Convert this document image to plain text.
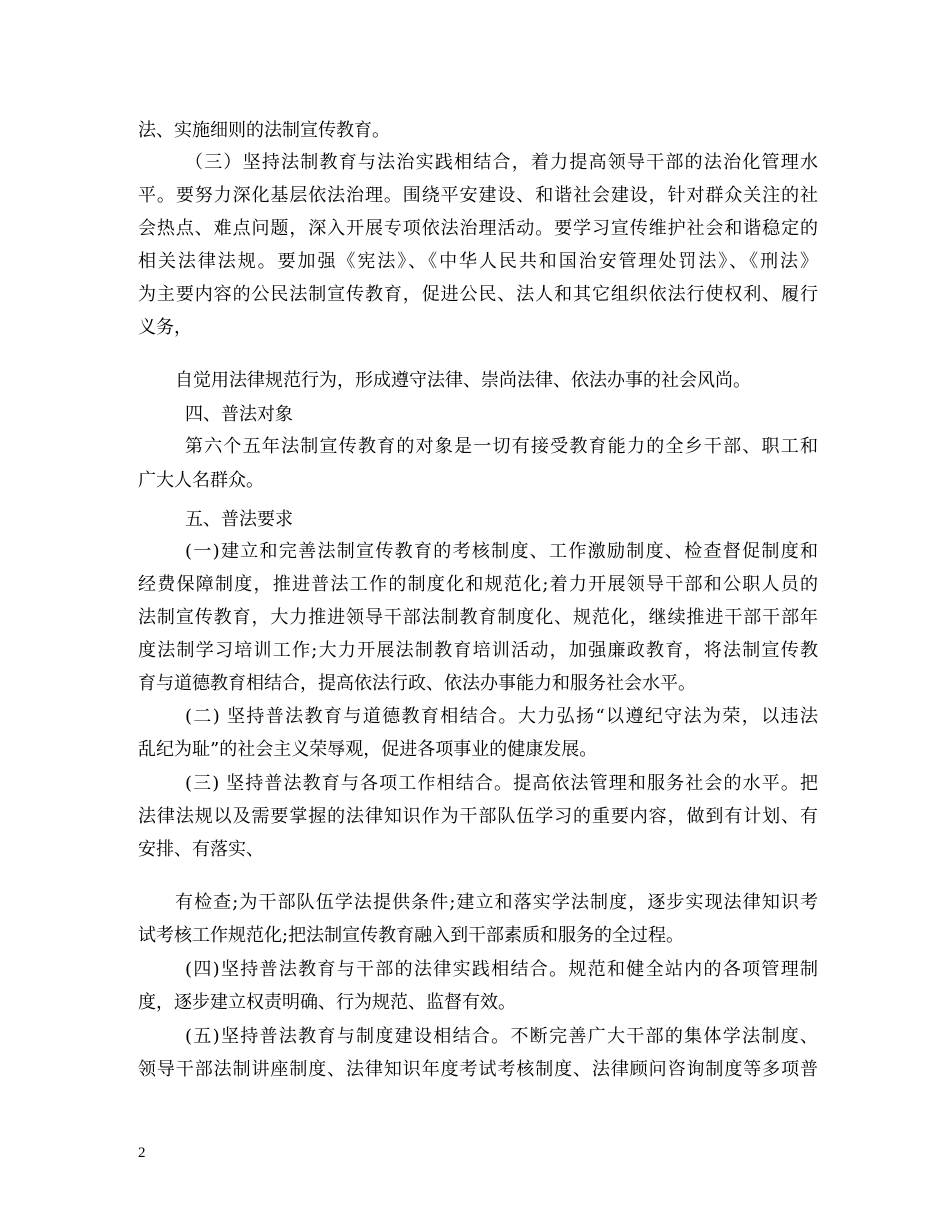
法、实施细则的法制宣传教育。
（三）坚持法制教育与法治实践相结合，着力提高领导干部的法治化管理水
平。要努力深化基层依法治理。围绕平安建设、和谐社会建设，针对群众关注的社
会热点、难点问题，深入开展专项依法治理活动。要学习宣传维护社会和谐稳定的
相关法律法规。要加强《宪法》、《中华人民共和国治安管理处罚法》、《刑法》
为主要内容的公民法制宣传教育，促进公民、法人和其它组织依法行使权利、履行
义务，
自觉用法律规范行为，形成遵守法律、崇尚法律、依法办事的社会风尚。
四、普法对象
第六个五年法制宣传教育的对象是一切有接受教育能力的全乡干部、职工和
广大人名群众。
五、普法要求
(一)建立和完善法制宣传教育的考核制度、工作激励制度、检查督促制度和
经费保障制度，推进普法工作的制度化和规范化;着力开展领导干部和公职人员的
法制宣传教育，大力推进领导干部法制教育制度化、规范化，继续推进干部干部年
度法制学习培训工作;大力开展法制教育培训活动，加强廉政教育，将法制宣传教
育与道德教育相结合，提高依法行政、依法办事能力和服务社会水平。
(二) 坚持普法教育与道德教育相结合。大力弘扬“以遵纪守法为荣，以违法
乱纪为耻”的社会主义荣辱观，促进各项事业的健康发展。
(三) 坚持普法教育与各项工作相结合。提高依法管理和服务社会的水平。把
法律法规以及需要掌握的法律知识作为干部队伍学习的重要内容，做到有计划、有
安排、有落实、
有检查;为干部队伍学法提供条件;建立和落实学法制度，逐步实现法律知识考
试考核工作规范化;把法制宣传教育融入到干部素质和服务的全过程。
(四)坚持普法教育与干部的法律实践相结合。规范和健全站内的各项管理制
度，逐步建立权责明确、行为规范、监督有效。
(五)坚持普法教育与制度建设相结合。不断完善广大干部的集体学法制度、
领导干部法制讲座制度、法律知识年度考试考核制度、法律顾问咨询制度等多项普
2
